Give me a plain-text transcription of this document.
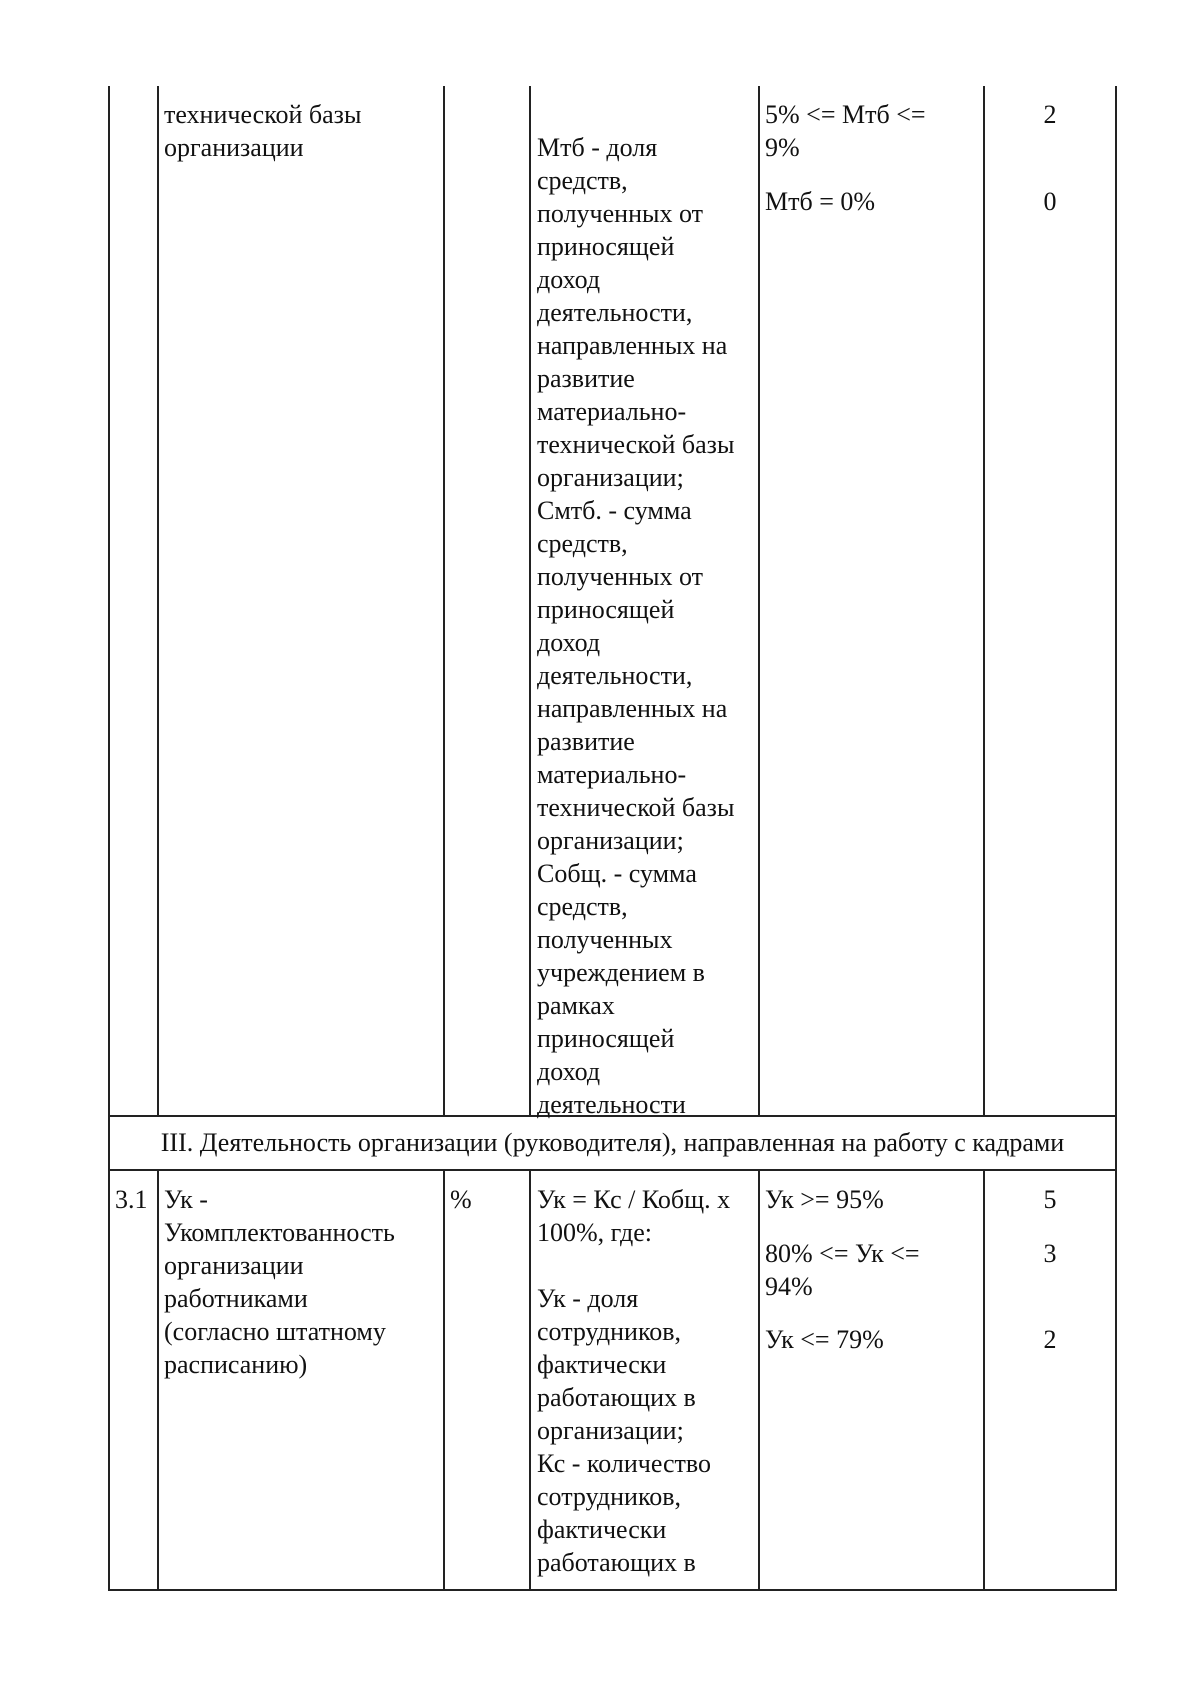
технической базы
организации	Мтб - доля
средств,
полученных от
приносящей
доход
деятельности,
направленных на
развитие
материально-
технической базы
организации;
Смтб. - сумма
средств,
полученных от
приносящей
доход
деятельности,
направленных на
развитие
материально-
технической базы
организации;
Собщ. - сумма
средств,
полученных
учреждением в
рамках
приносящей
доход
деятельности
5% <= Мтб <=
9%
Мтб = 0%
2
0
III. Деятельность организации (руководителя), направленная на работу с кадрами
3.1 Ук -
Укомплектованность
организации
работниками
(согласно штатному
расписанию)
%	Ук = Кс / Кобщ. х
100%, где:

Ук - доля
сотрудников,
фактически
работающих в
организации;
Кс - количество
сотрудников,
фактически
работающих в
Ук >= 95%
80% <= Ук <=
94%
Ук <= 79%
5
3
2
